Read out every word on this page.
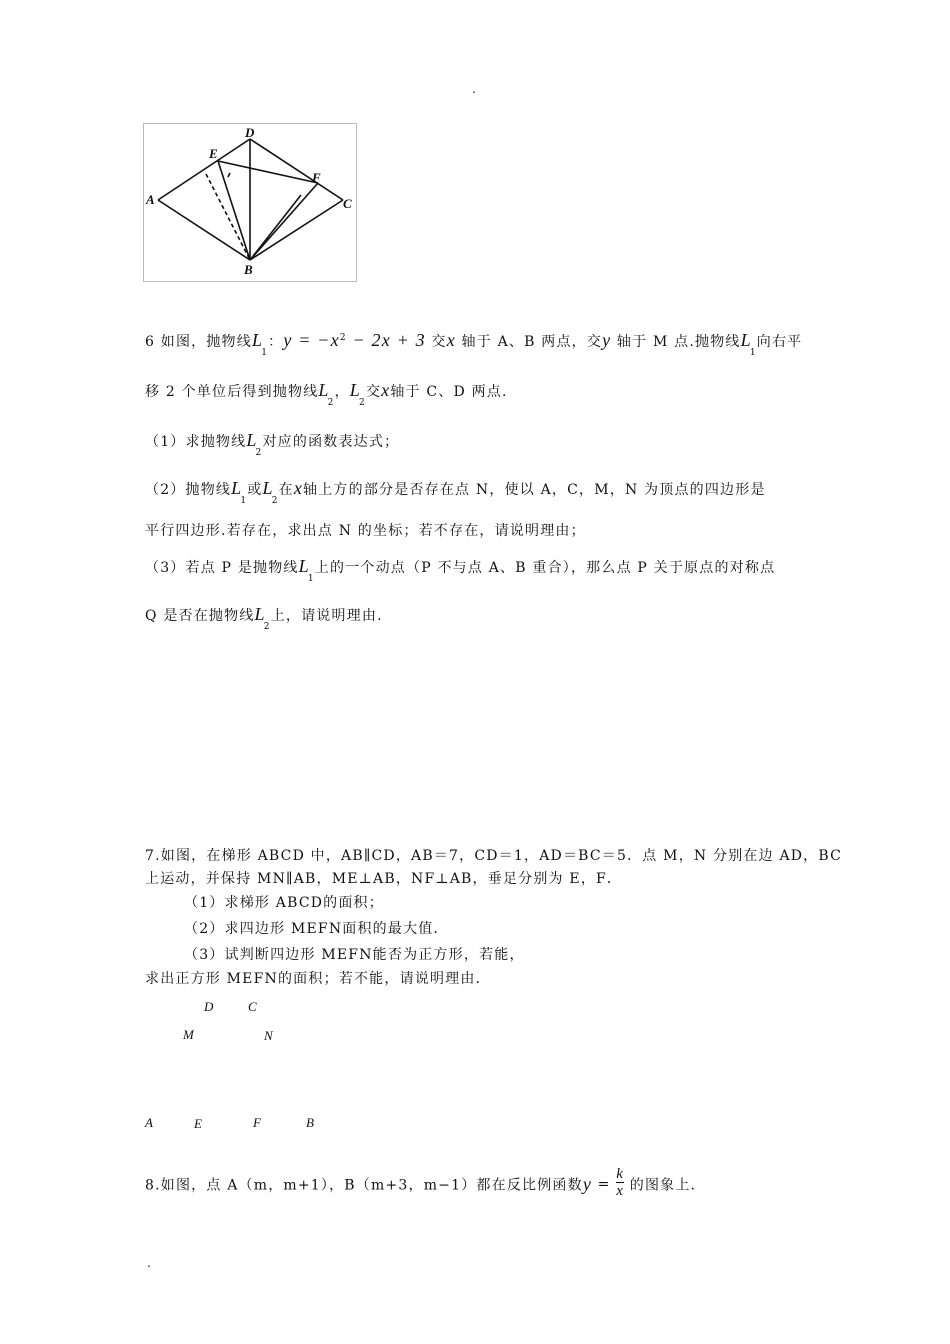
.
D
E
F
A	C
B
6 如图，抛物线$L_1$：$y = -x^2 - 2x + 3$ 交x 轴于 A、B 两点，交y 轴于 M 点.抛物线$L_1$向右平
移 2 个单位后得到抛物线$L_2$，$L_2$交x轴于 C、D 两点.
（1）求抛物线$L_2$对应的函数表达式；
（2）抛物线$L_1$或$L_2$在x轴上方的部分是否存在点 N，使以 A，C，M，N 为顶点的四边形是
平行四边形.若存在，求出点 N 的坐标；若不存在，请说明理由；
（3）若点 P 是抛物线$L_1$上的一个动点（P 不与点 A、B 重合），那么点 P 关于原点的对称点
Q 是否在抛物线$L_2$上，请说明理由.
7.如图，在梯形 ABCD 中，AB∥CD，AB＝7，CD＝1，AD＝BC＝5．点 M，N 分别在边 AD，BC
上运动，并保持 MN∥AB，ME⊥AB，NF⊥AB，垂足分别为 E，F．
（1）求梯形 ABCD的面积；
（2）求四边形 MEFN面积的最大值．
（3）试判断四边形 MEFN能否为正方形，若能，
求出正方形 MEFN的面积；若不能，请说明理由．
D	C
M	N
A	E	F	B
8.如图，点 A（m，m+1），B（m+3，m−1）都在反比例函数$y = \frac{k}{x}$ 的图象上．
.
